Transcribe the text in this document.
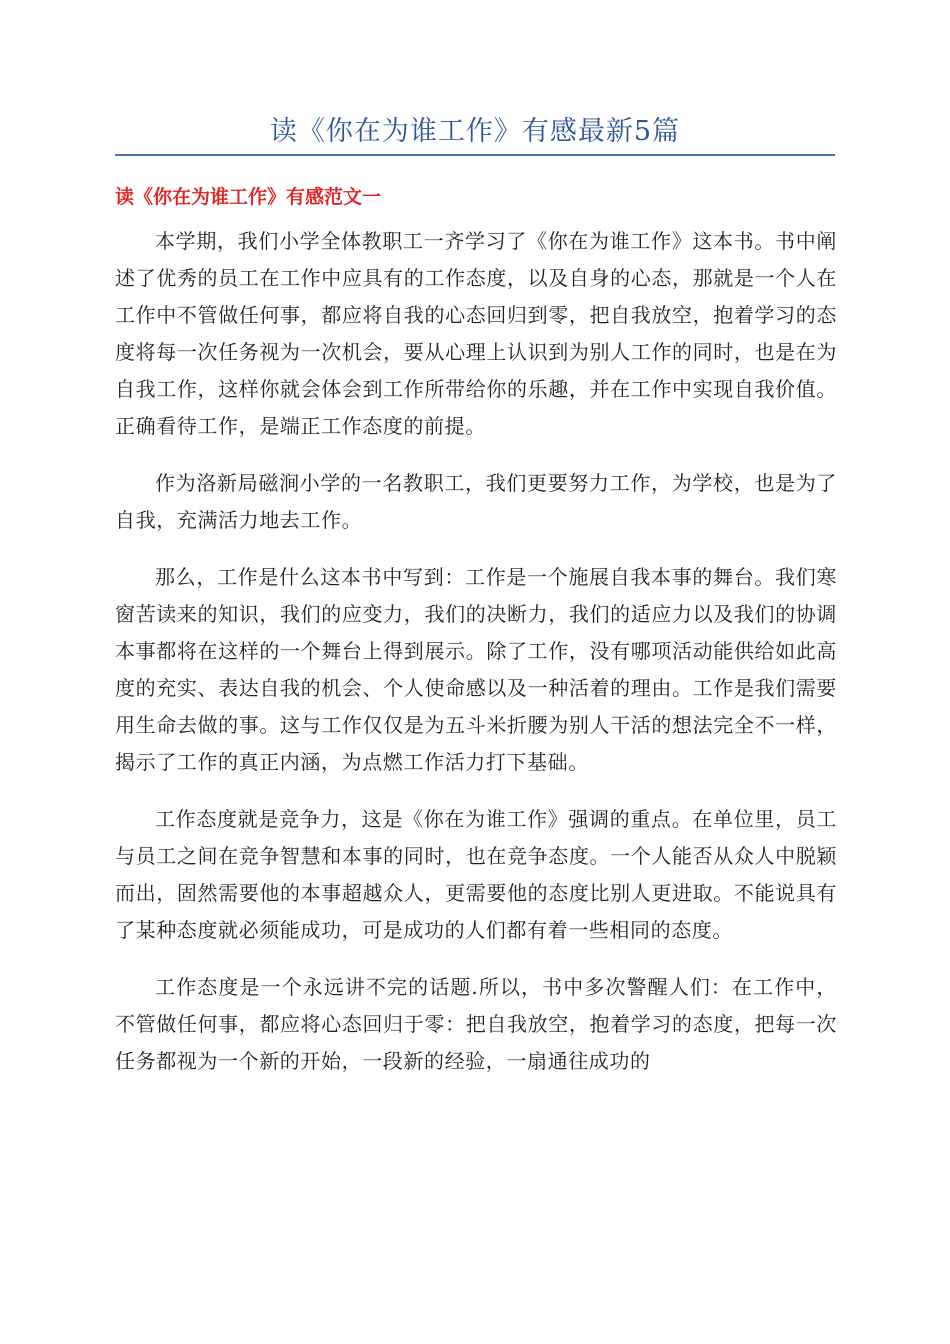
读《你在为谁工作》有感最新5篇
读《你在为谁工作》有感范文一

本学期，我们小学全体教职工一齐学习了《你在为谁工作》这本书。书中阐述了优秀的员工在工作中应具有的工作态度，以及自身的心态，那就是一个人在工作中不管做任何事，都应将自我的心态回归到零，把自我放空，抱着学习的态度将每一次任务视为一次机会，要从心理上认识到为别人工作的同时，也是在为自我工作，这样你就会体会到工作所带给你的乐趣，并在工作中实现自我价值。正确看待工作，是端正工作态度的前提。

作为洛新局磁涧小学的一名教职工，我们更要努力工作，为学校，也是为了自我，充满活力地去工作。

那么，工作是什么这本书中写到：工作是一个施展自我本事的舞台。我们寒窗苦读来的知识，我们的应变力，我们的决断力，我们的适应力以及我们的协调本事都将在这样的一个舞台上得到展示。除了工作，没有哪项活动能供给如此高度的充实、表达自我的机会、个人使命感以及一种活着的理由。工作是我们需要用生命去做的事。这与工作仅仅是为五斗米折腰为别人干活的想法完全不一样，揭示了工作的真正内涵，为点燃工作活力打下基础。

工作态度就是竞争力，这是《你在为谁工作》强调的重点。在单位里，员工与员工之间在竞争智慧和本事的同时，也在竞争态度。一个人能否从众人中脱颖而出，固然需要他的本事超越众人，更需要他的态度比别人更进取。不能说具有了某种态度就必须能成功，可是成功的人们都有着一些相同的态度。

工作态度是一个永远讲不完的话题.所以，书中多次警醒人们：在工作中，不管做任何事，都应将心态回归于零：把自我放空，抱着学习的态度，把每一次任务都视为一个新的开始，一段新的经验，一扇通往成功的
